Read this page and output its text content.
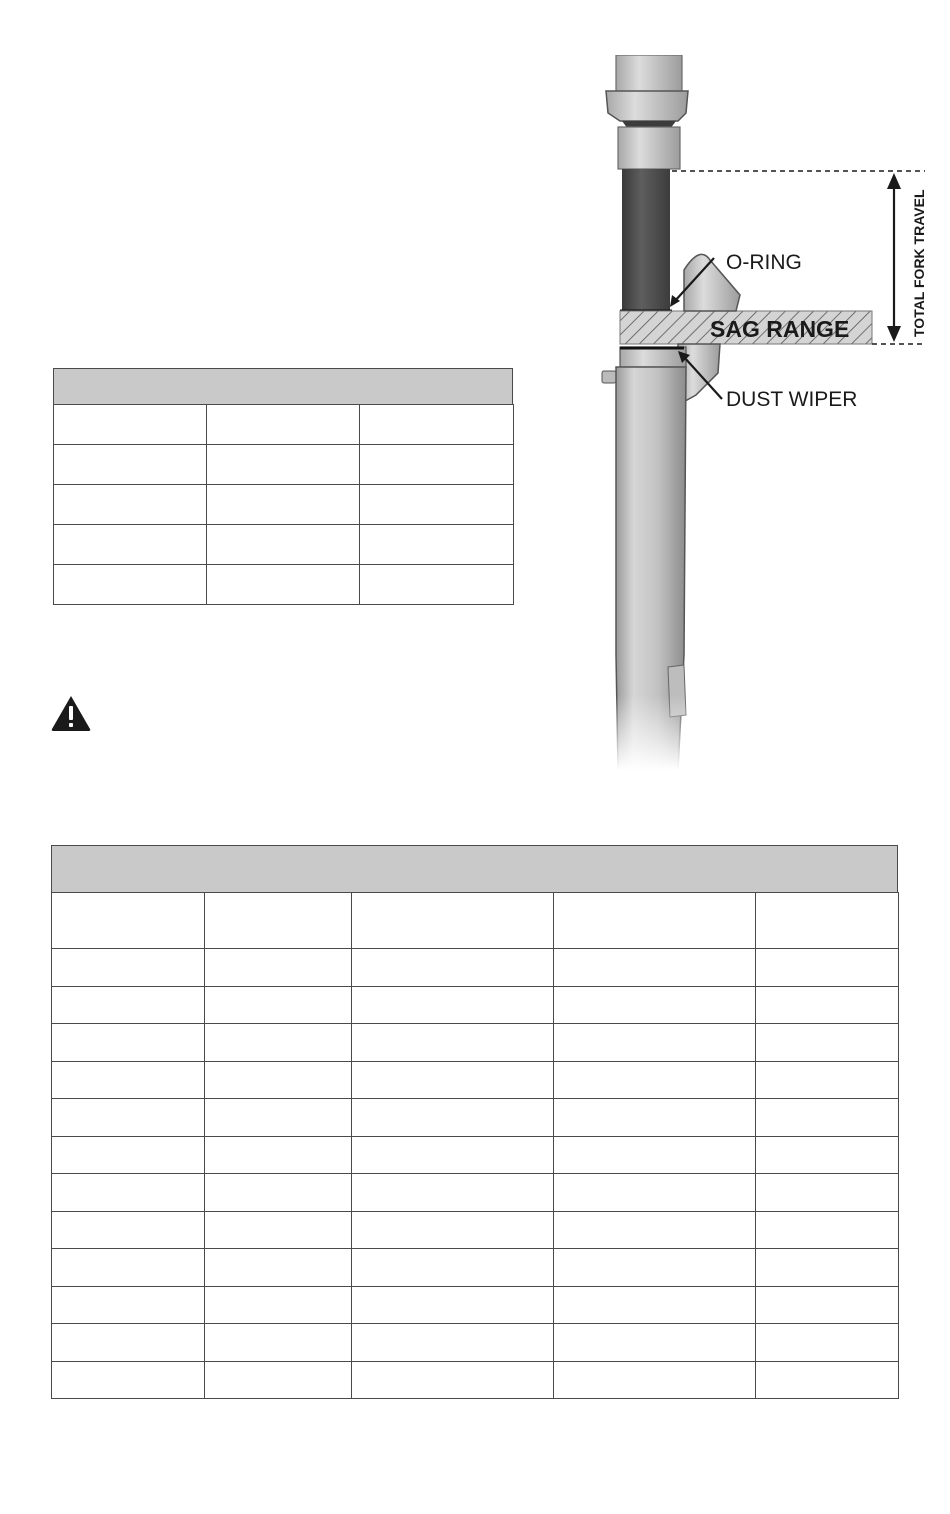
O-RING
SAG RANGE
DUST WIPER
TOTAL FORK TRAVEL
